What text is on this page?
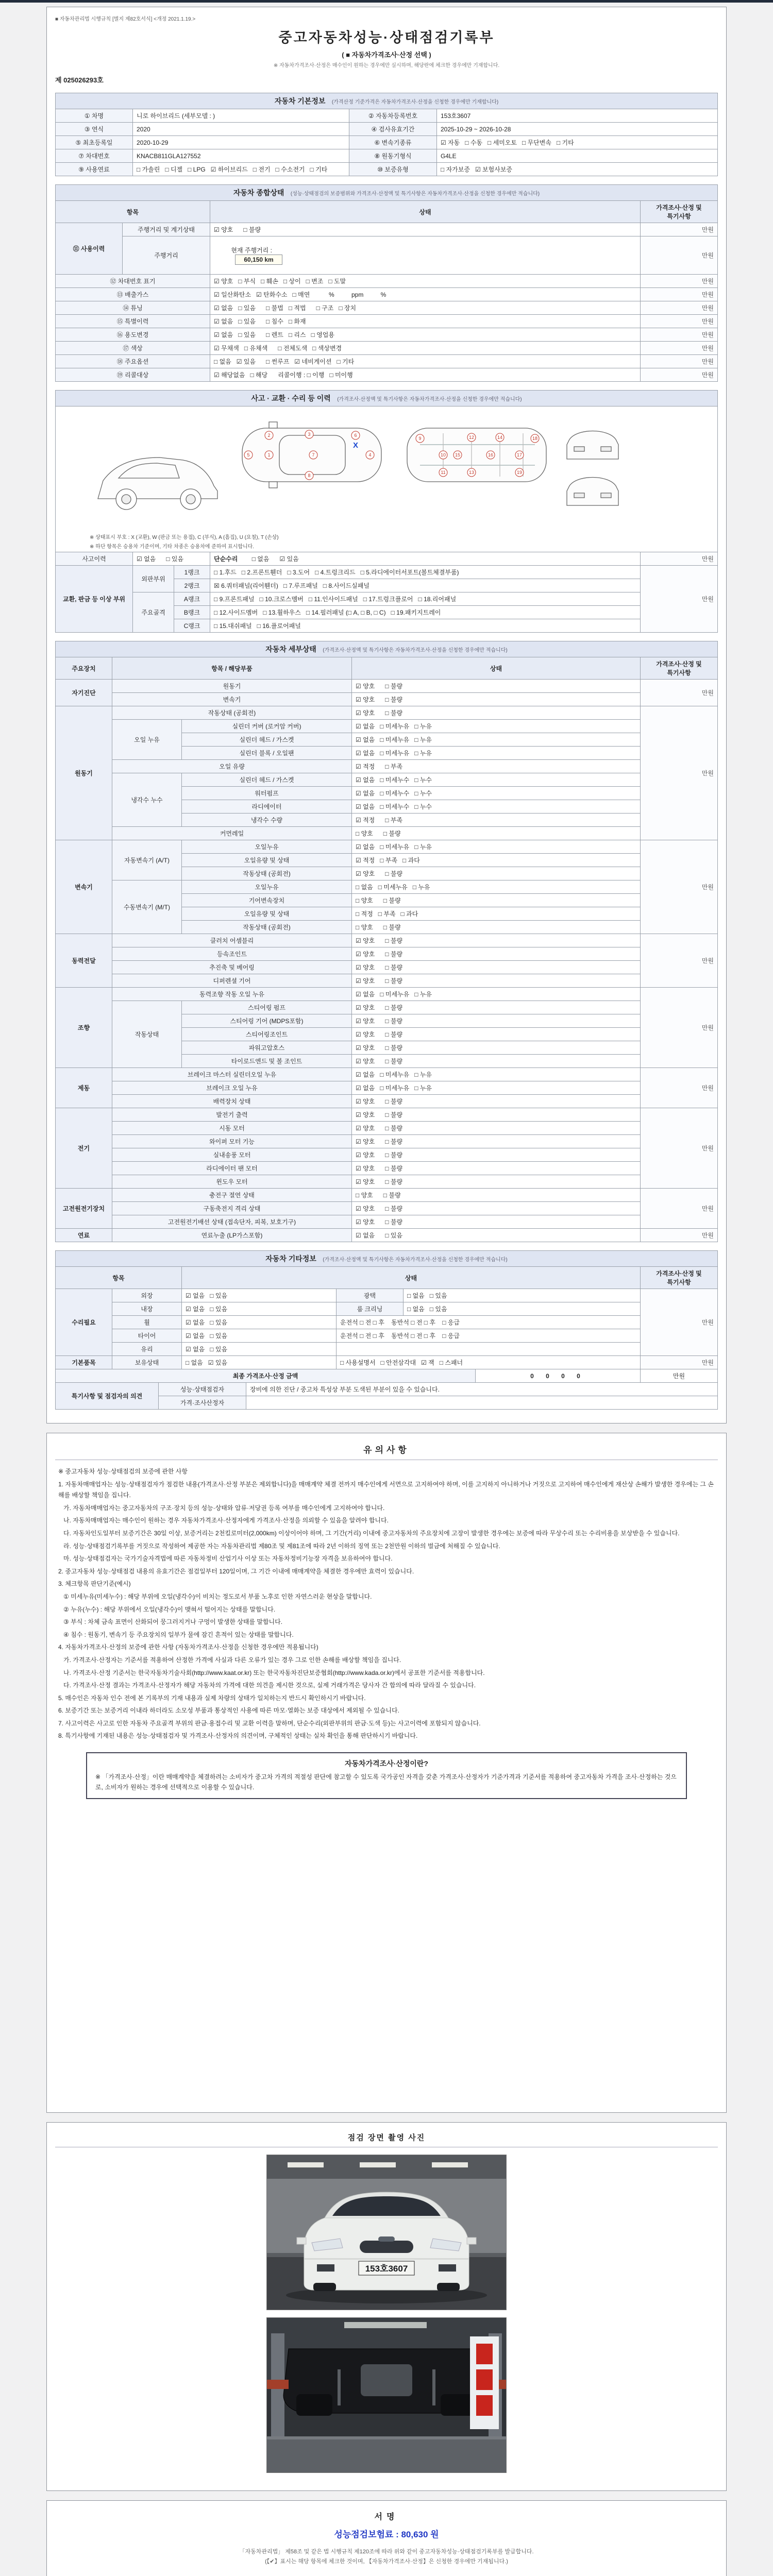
■ 자동차관리법 시행규칙 [별지 제82호서식] <개정 2021.1.19.>
중고자동차성능·상태점검기록부
( ■ 자동차가격조사·산정 선택 )
※ 자동차가격조사·산정은 매수인이 원하는 경우에만 실시하며, 해당란에 체크한 경우에만 기재합니다.
제 025026293호
자동차 기본정보 (가격산정 기준가격은 자동차가격조사·산정을 신청한 경우에만 기재합니다)
① 차명	니로 하이브리드 (세부모델 : )	② 자동차등록번호	153호3607
③ 연식	2020	④ 검사유효기간	2025-10-29 ~ 2026-10-28
⑤ 최초등록일	2020-10-29	⑥ 변속기종류	☑ 자동   □ 수동   □ 세미오토   □ 무단변속   □ 기타
⑦ 차대번호	KNACB811GLA127552	⑧ 원동기형식	G4LE
⑨ 사용연료	□ 가솔린   □ 디젤   □ LPG   ☑ 하이브리드   □ 전기   □ 수소전기   □ 기타	⑩ 보증유형	□ 자가보증   ☑ 보험사보증
자동차 종합상태 (성능·상태점검의 보증범위와 가격조사·산정액 및 특기사항은 자동차가격조사·산정을 신청한 경우에만 적습니다)
항목		상태	가격조사·산정 및 특기사항
⑪ 사용이력	주행거리 및 계기상태	☑ 양호      □ 불량	만원
	주행거리	현재 주행거리 :
60,150 km	만원
⑫ 차대번호 표기		☑ 양호   □ 부식   □ 훼손   □ 상이   □ 변조   □ 도말	만원
⑬ 배출가스		☑ 일산화탄소   ☑ 탄화수소   □ 매연           %          ppm          %	만원
⑭ 튜닝		☑ 없음   □ 있음      □ 불법   □ 적법      □ 구조   □ 장치	만원
⑮ 특별이력		☑ 없음   □ 있음      □ 침수   □ 화재	만원
⑯ 용도변경		☑ 없음   □ 있음      □ 렌트   □ 리스   □ 영업용	만원
⑰ 색상		☑ 무채색   □ 유채색      □ 전체도색   □ 색상변경	만원
⑱ 주요옵션		□ 없음   ☑ 있음      □ 썬루프   ☑ 네비게이션   □ 기타	만원
⑲ 리콜대상		☑ 해당없음   □ 해당      리콜이행 : □ 이행   □ 미이행	만원
사고 · 교환 · 수리 등 이력 (가격조사·산정액 및 특기사항은 자동차가격조사·산정을 신청한 경우에만 적습니다)
X
5	1	7	4
2	3	6
8
9
10
11
12
13
14
15	16	17
18
19
※ 상태표시 부호 : X (교환), W (판금 또는 용접), C (부식), A (흠집), U (요철), T (손상)
※ 하단 항목은 승용차 기준이며, 기타 차종은 승용차에 준하여 표시합니다.

사고이력	☑ 없음      □ 있음		단순수리 □ 없음      ☑ 있음	만원
교환, 판금 등 이상 부위	외판부위	1랭크	□ 1.후드   □ 2.프론트휀더   □ 3.도어   □ 4.트렁크리드   □ 5.라디에이터서포트(볼트체결부품)	만원
		2랭크	☒ 6.쿼터패널(리어휀더)   □ 7.루프패널   □ 8.사이드실패널	
	주요골격	A랭크	□ 9.프론트패널   □ 10.크로스멤버   □ 11.인사이드패널   □ 17.트렁크플로어   □ 18.리어패널	
		B랭크	□ 12.사이드멤버   □ 13.휠하우스   □ 14.필러패널 (□ A, □ B, □ C)   □ 19.패키지트레이	
		C랭크	□ 15.대쉬패널   □ 16.플로어패널	
자동차 세부상태 (가격조사·산정액 및 특기사항은 자동차가격조사·산정을 신청한 경우에만 적습니다)
주요장치	항목 / 해당부품		상태	가격조사·산정 및 특기사항
자기진단	원동기		☑ 양호      □ 불량	만원
	변속기		☑ 양호      □ 불량	
원동기	작동상태 (공회전)		☑ 양호      □ 불량	만원
	오일 누유	실린더 커버 (로커암 커버)	☑ 없음   □ 미세누유   □ 누유	
		실린더 헤드 / 가스켓	☑ 없음   □ 미세누유   □ 누유	
		실린더 블록 / 오일팬	☑ 없음   □ 미세누유   □ 누유	
	오일 유량		☑ 적정      □ 부족	
	냉각수 누수	실린더 헤드 / 가스켓	☑ 없음   □ 미세누수   □ 누수	
		워터펌프	☑ 없음   □ 미세누수   □ 누수	
		라디에이터	☑ 없음   □ 미세누수   □ 누수	
		냉각수 수량	☑ 적정      □ 부족	
	커먼레일		□ 양호      □ 불량	
변속기	자동변속기 (A/T)	오일누유	☑ 없음   □ 미세누유   □ 누유	만원
		오일유량 및 상태	☑ 적정   □ 부족   □ 과다	
		작동상태 (공회전)	☑ 양호      □ 불량	
	수동변속기 (M/T)	오일누유	□ 없음   □ 미세누유   □ 누유	
		기어변속장치	□ 양호      □ 불량	
		오일유량 및 상태	□ 적정   □ 부족   □ 과다	
		작동상태 (공회전)	□ 양호      □ 불량	
동력전달	클러치 어셈블리		☑ 양호      □ 불량	만원
	등속조인트		☑ 양호      □ 불량	
	추진축 및 베어링		☑ 양호      □ 불량	
	디퍼렌셜 기어		☑ 양호      □ 불량	
조향	동력조향 작동 오일 누유		☑ 없음   □ 미세누유   □ 누유	만원
	작동상태	스티어링 펌프	☑ 양호      □ 불량	
		스티어링 기어 (MDPS포함)	☑ 양호      □ 불량	
		스티어링조인트	☑ 양호      □ 불량	
		파워고압호스	☑ 양호      □ 불량	
		타이로드엔드 및 볼 조인트	☑ 양호      □ 불량	
제동	브레이크 마스터 실린더오일 누유		☑ 없음   □ 미세누유   □ 누유	만원
	브레이크 오일 누유		☑ 없음   □ 미세누유   □ 누유	
	배력장치 상태		☑ 양호      □ 불량	
전기	발전기 출력		☑ 양호      □ 불량	만원
	시동 모터		☑ 양호      □ 불량	
	와이퍼 모터 기능		☑ 양호      □ 불량	
	실내송풍 모터		☑ 양호      □ 불량	
	라디에이터 팬 모터		☑ 양호      □ 불량	
	윈도우 모터		☑ 양호      □ 불량	
고전원전기장치	충전구 절연 상태		□ 양호      □ 불량	만원
	구동축전지 격리 상태		☑ 양호      □ 불량	
	고전원전기배선 상태 (접속단자, 피복, 보호기구)		☑ 양호      □ 불량	
연료	연료누출 (LP가스포함)		☑ 없음      □ 있음	만원
자동차 기타정보 (가격조사·산정액 및 특기사항은 자동차가격조사·산정을 신청한 경우에만 적습니다)
항목		상태			가격조사·산정 및 특기사항
수리필요	외장	☑ 없음   □ 있음	광택	□ 없음   □ 있음	만원
	내장	☑ 없음   □ 있음	룸 크리닝	□ 없음   □ 있음	
	휠	☑ 없음   □ 있음	운전석 □ 전 □ 후    동반석 □ 전 □ 후    □ 응급		
	타이어	☑ 없음   □ 있음	운전석 □ 전 □ 후    동반석 □ 전 □ 후    □ 응급		
	유리	☑ 없음   □ 있음			
기본품목	보유상태	□ 없음   ☑ 있음	□ 사용설명서   □ 안전삼각대   ☑ 잭   □ 스패너		만원
최종 가격조사·산정 금액	0 0 0 0	만원
특기사항 및 점검자의 의견	성능·상태점검자	장비에 의한 진단 / 중고차 특성상 부분 도색된 부분이 있을 수 있습니다.
	가격·조사산정자	
유의사항
※ 중고자동차 성능·상태점검의 보증에 관한 사항
1. 자동차매매업자는 성능·상태점검자가 점검한 내용(가격조사·산정 부분은 제외합니다)을 매매계약 체결 전까지 매수인에게 서면으로 고지하여야 하며, 이를 고지하지 아니하거나 거짓으로 고지하여 매수인에게 재산상 손해가 발생한 경우에는 그 손해를 배상할 책임을 집니다.
가. 자동차매매업자는 중고자동차의 구조·장치 등의 성능·상태와 압류·저당권 등록 여부를 매수인에게 고지하여야 합니다.
나. 자동차매매업자는 매수인이 원하는 경우 자동차가격조사·산정자에게 가격조사·산정을 의뢰할 수 있음을 알려야 합니다.
다. 자동차인도일부터 보증기간은 30일 이상, 보증거리는 2천킬로미터(2,000km) 이상이어야 하며, 그 기간(거리) 이내에 중고자동차의 주요장치에 고장이 발생한 경우에는 보증에 따라 무상수리 또는 수리비용을 보상받을 수 있습니다.
라. 성능·상태점검기록부를 거짓으로 작성하여 제공한 자는 자동차관리법 제80조 및 제81조에 따라 2년 이하의 징역 또는 2천만원 이하의 벌금에 처해질 수 있습니다.
마. 성능·상태점검자는 국가기술자격법에 따른 자동차정비 산업기사 이상 또는 자동차정비기능장 자격을 보유하여야 합니다.
2. 중고자동차 성능·상태점검 내용의 유효기간은 점검일부터 120일이며, 그 기간 이내에 매매계약을 체결한 경우에만 효력이 있습니다.
3. 체크항목 판단기준(예시)
① 미세누유(미세누수) : 해당 부위에 오일(냉각수)이 비치는 정도로서 부품 노후로 인한 자연스러운 현상을 말합니다.
② 누유(누수) : 해당 부위에서 오일(냉각수)이 맺혀서 떨어지는 상태를 말합니다.
③ 부식 : 차체 금속 표면이 산화되어 뭉그러지거나 구멍이 발생한 상태를 말합니다.
④ 침수 : 원동기, 변속기 등 주요장치의 일부가 물에 잠긴 흔적이 있는 상태를 말합니다.
4. 자동차가격조사·산정의 보증에 관한 사항 (자동차가격조사·산정을 신청한 경우에만 적용됩니다)
가. 가격조사·산정자는 기준서를 적용하여 산정한 가격에 사실과 다른 오류가 있는 경우 그로 인한 손해를 배상할 책임을 집니다.
나. 가격조사·산정 기준서는 한국자동차기술사회(http://www.kaat.or.kr) 또는 한국자동차진단보증협회(http://www.kada.or.kr)에서 공표한 기준서를 적용합니다.
다. 가격조사·산정 결과는 가격조사·산정자가 해당 자동차의 가격에 대한 의견을 제시한 것으로, 실제 거래가격은 당사자 간 합의에 따라 달라질 수 있습니다.
5. 매수인은 자동차 인수 전에 본 기록부의 기재 내용과 실제 차량의 상태가 일치하는지 반드시 확인하시기 바랍니다.
6. 보증기간 또는 보증거리 이내라 하더라도 소모성 부품과 통상적인 사용에 따른 마모·열화는 보증 대상에서 제외될 수 있습니다.
7. 사고이력은 사고로 인한 자동차 주요골격 부위의 판금·용접수리 및 교환 이력을 말하며, 단순수리(외판부위의 판금·도색 등)는 사고이력에 포함되지 않습니다.
8. 특기사항에 기재된 내용은 성능·상태점검자 및 가격조사·산정자의 의견이며, 구체적인 상태는 실차 확인을 통해 판단하시기 바랍니다.
자동차가격조사·산정이란?
※ 「가격조사·산정」이란 매매계약을 체결하려는 소비자가 중고차 가격의 적절성 판단에 참고할 수 있도록 국가공인 자격을 갖춘 가격조사·산정자가 기준가격과 기준서를 적용하여 중고자동차 가격을 조사·산정하는 것으로, 소비자가 원하는 경우에 선택적으로 이용할 수 있습니다.
점검 장면 촬영 사진
153호3607
서명
성능점검보험료 : 80,630 원
「자동차관리법」 제58조 및 같은 법 시행규칙 제120조에 따라 위와 같이 중고자동차성능·상태점검기록부를 발급합니다.
(【✔】표시는 해당 항목에 체크한 것이며, 【자동차가격조사·산정】은 신청한 경우에만 기재됩니다.)
